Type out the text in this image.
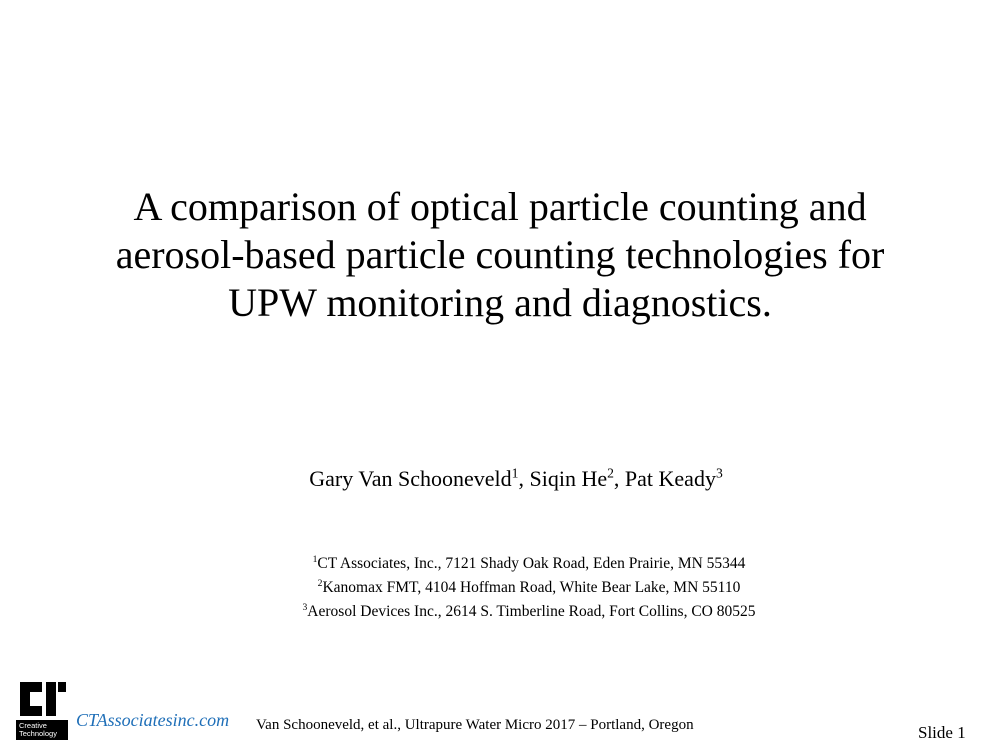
A comparison of optical particle counting and
aerosol-based particle counting technologies for
UPW monitoring and diagnostics.
Gary Van Schooneveld$^1$, Siqin He$^2$, Pat Keady$^3$
$^1$CT Associates, Inc., 7121 Shady Oak Road, Eden Prairie, MN 55344
$^2$Kanomax FMT, 4104 Hoffman Road, White Bear Lake, MN 55110
$^3$Aerosol Devices Inc., 2614 S. Timberline Road, Fort Collins, CO 80525
Creative
Technology
CTAssociatesinc.com Van Schooneveld, et al., Ultrapure Water Micro 2017 – Portland, Oregon	Slide 1
